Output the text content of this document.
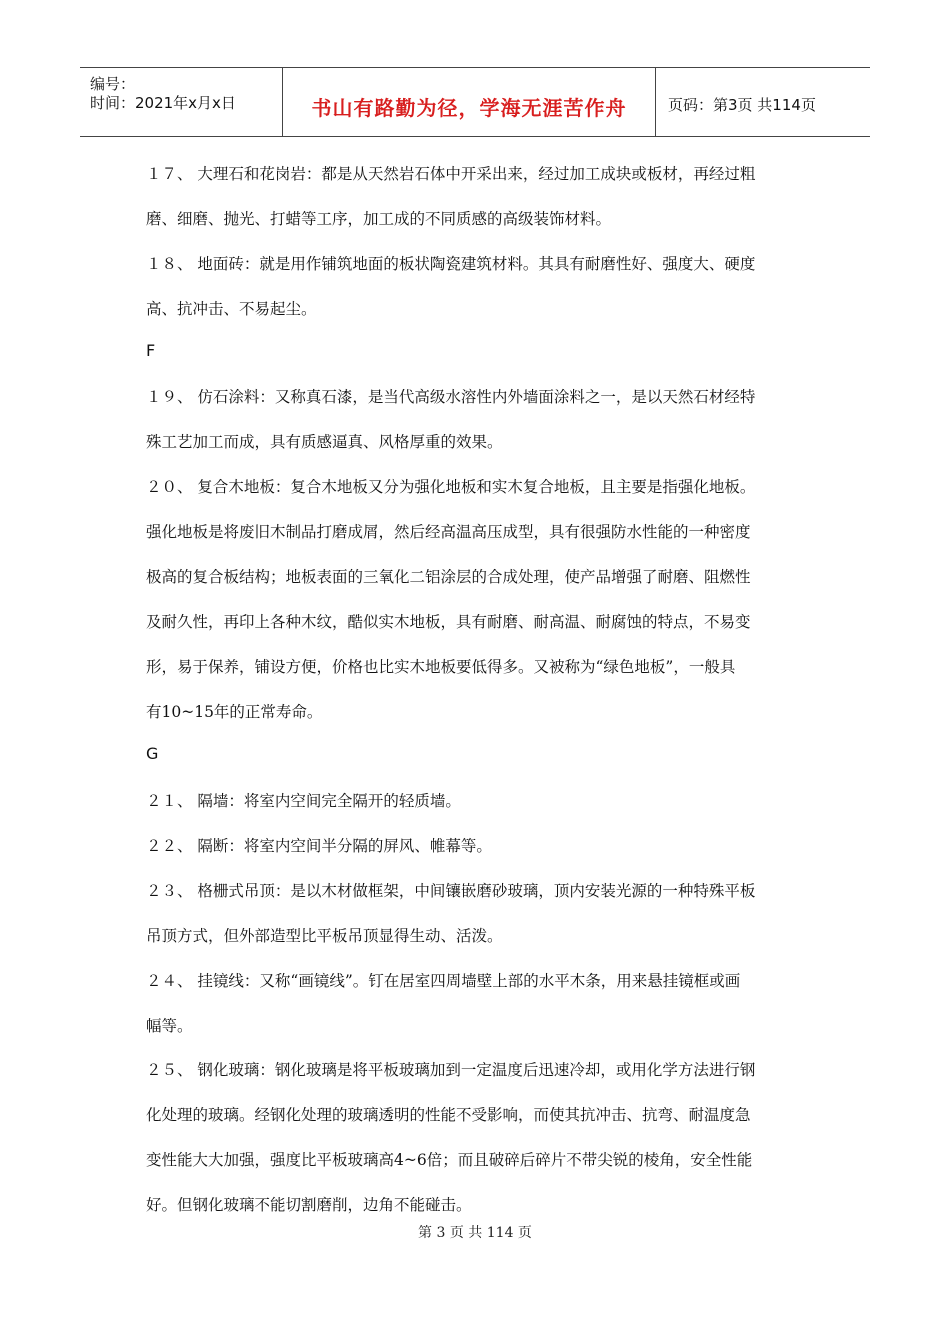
编号：
时间：2021年x月x日	书山有路勤为径，学海无涯苦作舟	页码：第3页 共114页
１７、 大理石和花岗岩：都是从天然岩石体中开采出来，经过加工成块或板材，再经过粗
磨、细磨、抛光、打蜡等工序，加工成的不同质感的高级装饰材料。
１８、 地面砖：就是用作铺筑地面的板状陶瓷建筑材料。其具有耐磨性好、强度大、硬度
高、抗冲击、不易起尘。
F
１９、 仿石涂料：又称真石漆，是当代高级水溶性内外墙面涂料之一，是以天然石材经特
殊工艺加工而成，具有质感逼真、风格厚重的效果。
２０、 复合木地板：复合木地板又分为强化地板和实木复合地板，且主要是指强化地板。
强化地板是将废旧木制品打磨成屑，然后经高温高压成型，具有很强防水性能的一种密度
极高的复合板结构；地板表面的三氧化二铝涂层的合成处理，使产品增强了耐磨、阻燃性
及耐久性，再印上各种木纹，酷似实木地板，具有耐磨、耐高温、耐腐蚀的特点，不易变
形，易于保养，铺设方便，价格也比实木地板要低得多。又被称为“绿色地板”，一般具
有10~15年的正常寿命。
G
２１、 隔墙：将室内空间完全隔开的轻质墙。
２２、 隔断：将室内空间半分隔的屏风、帷幕等。
２３、 格栅式吊顶：是以木材做框架，中间镶嵌磨砂玻璃，顶内安装光源的一种特殊平板
吊顶方式，但外部造型比平板吊顶显得生动、活泼。
２４、 挂镜线：又称“画镜线”。钉在居室四周墙壁上部的水平木条，用来悬挂镜框或画
幅等。
２５、 钢化玻璃：钢化玻璃是将平板玻璃加到一定温度后迅速冷却，或用化学方法进行钢
化处理的玻璃。经钢化处理的玻璃透明的性能不受影响，而使其抗冲击、抗弯、耐温度急
变性能大大加强，强度比平板玻璃高4~6倍；而且破碎后碎片不带尖锐的棱角，安全性能
好。但钢化玻璃不能切割磨削，边角不能碰击。
第 3 页 共 114 页
